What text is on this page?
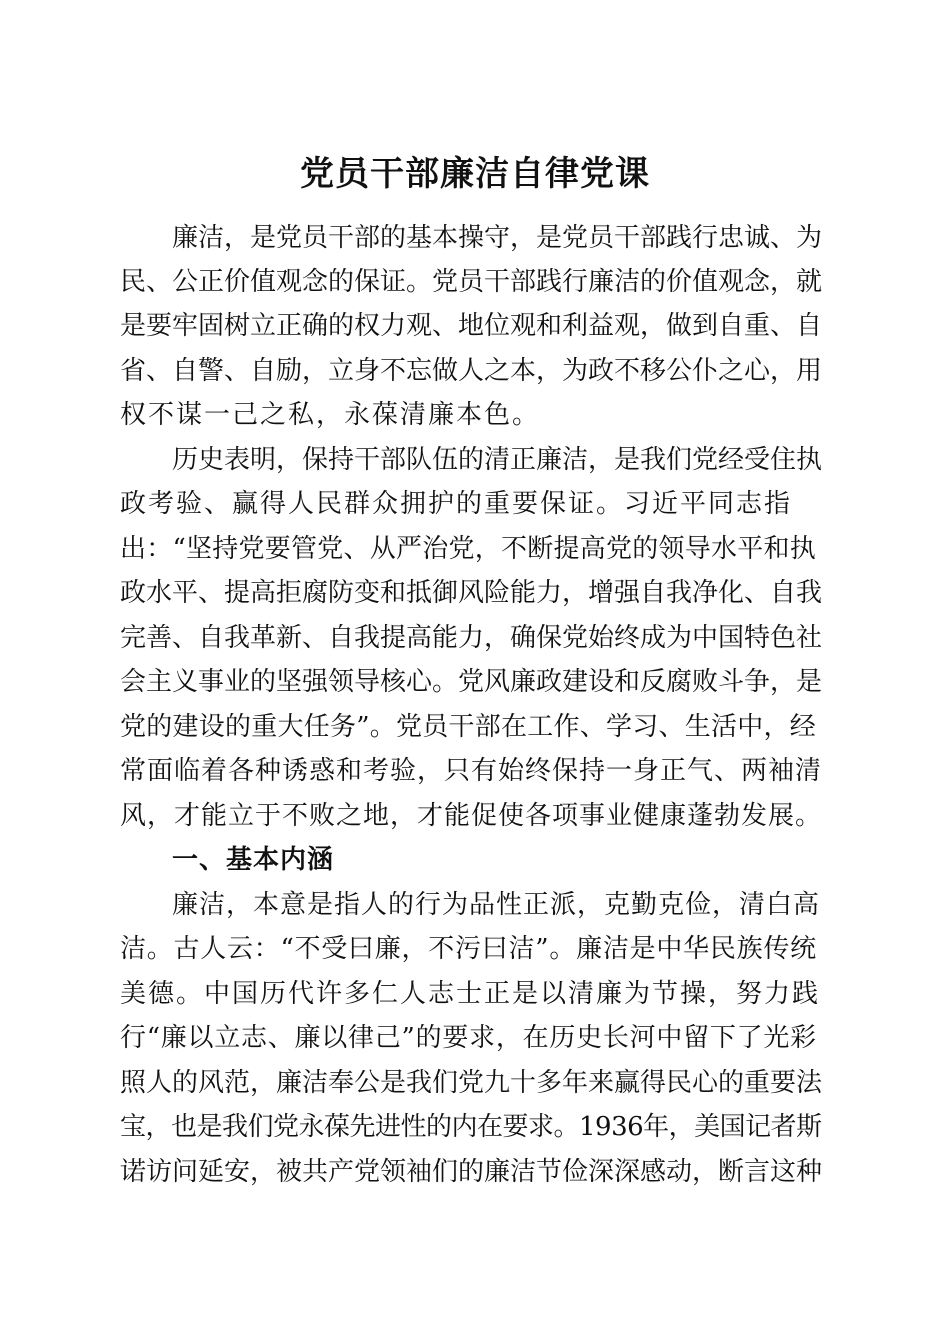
党员干部廉洁自律党课
廉洁，是党员干部的基本操守，是党员干部践行忠诚、为
民、公正价值观念的保证。党员干部践行廉洁的价值观念，就
是要牢固树立正确的权力观、地位观和利益观，做到自重、自
省、自警、自励，立身不忘做人之本，为政不移公仆之心，用
权不谋一己之私，永葆清廉本色。
历史表明，保持干部队伍的清正廉洁，是我们党经受住执
政考验、赢得人民群众拥护的重要保证。习近平同志指
出：“坚持党要管党、从严治党，不断提高党的领导水平和执
政水平、提高拒腐防变和抵御风险能力，增强自我净化、自我
完善、自我革新、自我提高能力，确保党始终成为中国特色社
会主义事业的坚强领导核心。党风廉政建设和反腐败斗争，是
党的建设的重大任务”。党员干部在工作、学习、生活中，经
常面临着各种诱惑和考验，只有始终保持一身正气、两袖清
风，才能立于不败之地，才能促使各项事业健康蓬勃发展。
一、基本内涵
廉洁，本意是指人的行为品性正派，克勤克俭，清白高
洁。古人云：“不受曰廉，不污曰洁”。廉洁是中华民族传统
美德。中国历代许多仁人志士正是以清廉为节操，努力践
行“廉以立志、廉以律己”的要求，在历史长河中留下了光彩
照人的风范，廉洁奉公是我们党九十多年来赢得民心的重要法
宝，也是我们党永葆先进性的内在要求。1936年，美国记者斯
诺访问延安，被共产党领袖们的廉洁节俭深深感动，断言这种
